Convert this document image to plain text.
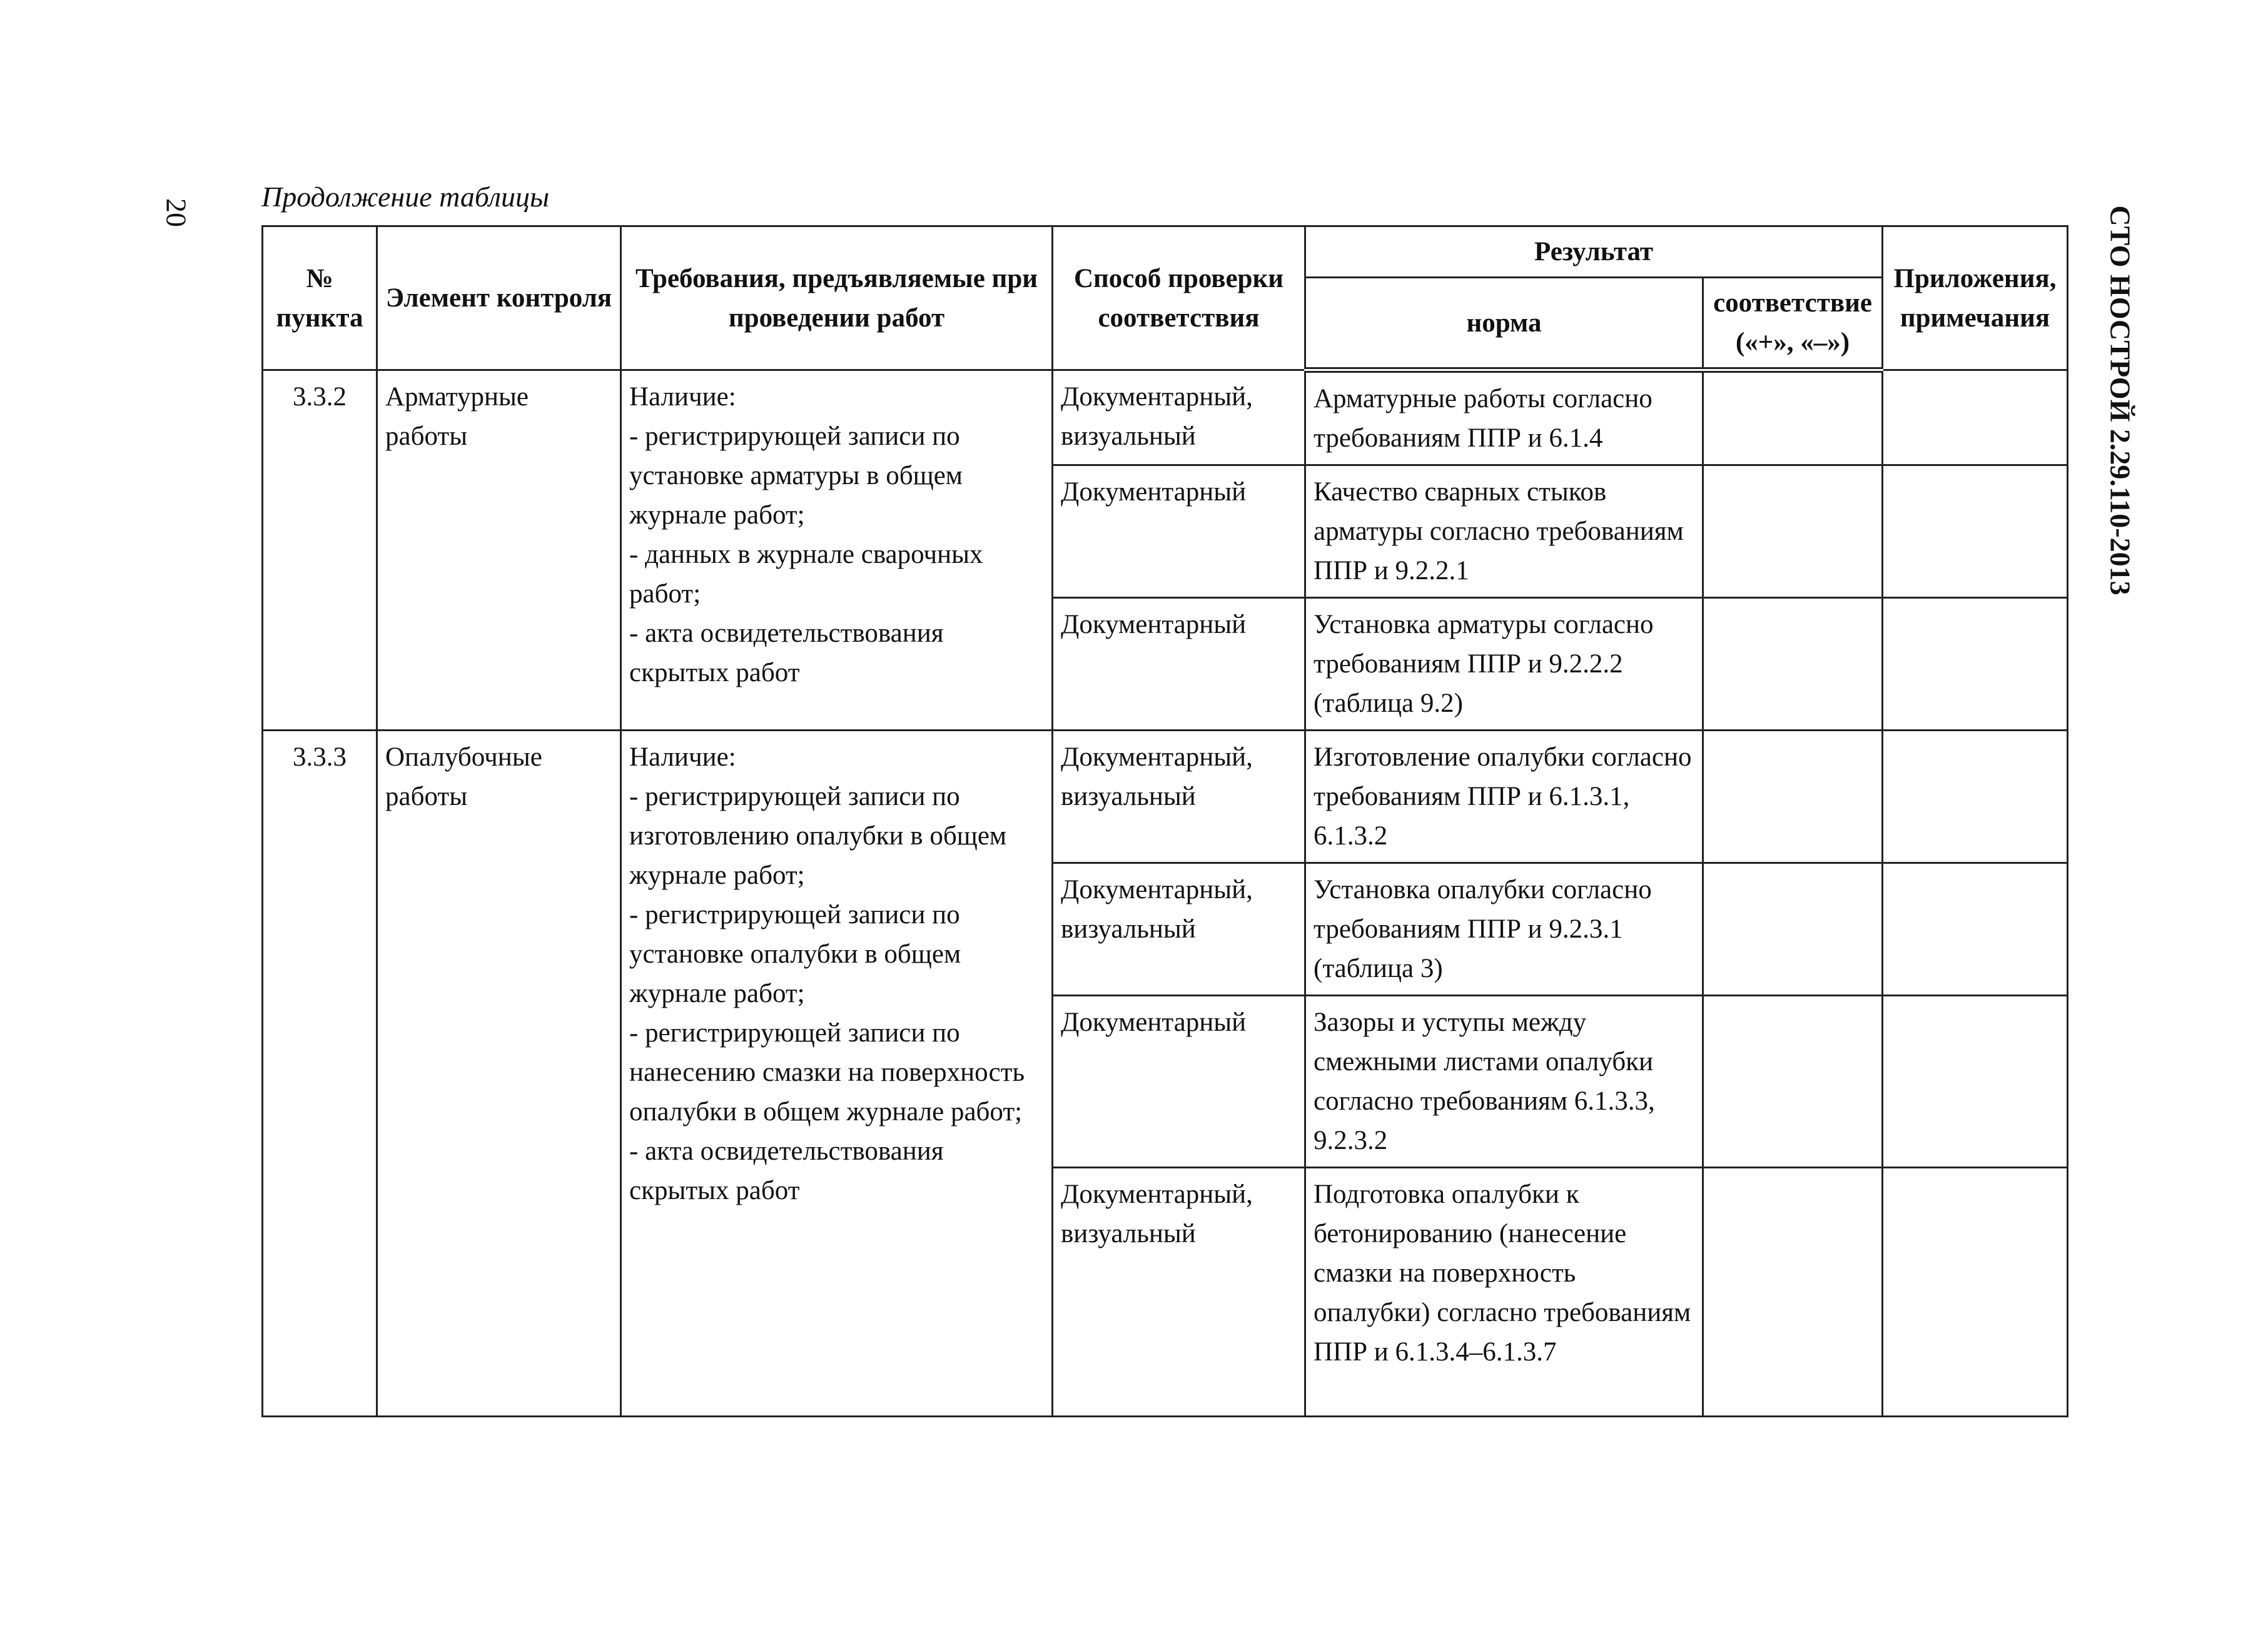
20	СТО НОСТРОЙ 2.29.110-2013
Продолжение таблицы
№ пункта	Элемент контроля	Требования, предъявляемые при проведении работ	Способ проверки соответствия	Результат		Приложения, примечания
				норма	соответствие («+», «–»)	
3.3.2	Арматурные работы	Наличие:
- регистрирующей записи по установке арматуры в общем журнале работ;
- данных в журнале сварочных работ;
- акта освидетельствования скрытых работ	Документарный, визуальный	Арматурные работы согласно требованиям ППР и 6.1.4		
			Документарный	Качество сварных стыков арматуры согласно требованиям ППР и 9.2.2.1		
			Документарный	Установка арматуры согласно требованиям ППР и 9.2.2.2 (таблица 9.2)		
3.3.3	Опалубочные работы	Наличие:
- регистрирующей записи по изготовлению опалубки в общем журнале работ;
- регистрирующей записи по установке опалубки в общем журнале работ;
- регистрирующей записи по нанесению смазки на поверхность опалубки в общем журнале работ;
- акта освидетельствования скрытых работ	Документарный, визуальный	Изготовление опалубки согласно требованиям ППР и 6.1.3.1, 6.1.3.2		
			Документарный, визуальный	Установка опалубки согласно требованиям ППР и 9.2.3.1 (таблица 3)		
			Документарный	Зазоры и уступы между смежными листами опалубки согласно требованиям 6.1.3.3, 9.2.3.2		
			Документарный, визуальный	Подготовка опалубки к бетонированию (нанесение смазки на поверхность опалубки) согласно требованиям ППР и 6.1.3.4–6.1.3.7		
